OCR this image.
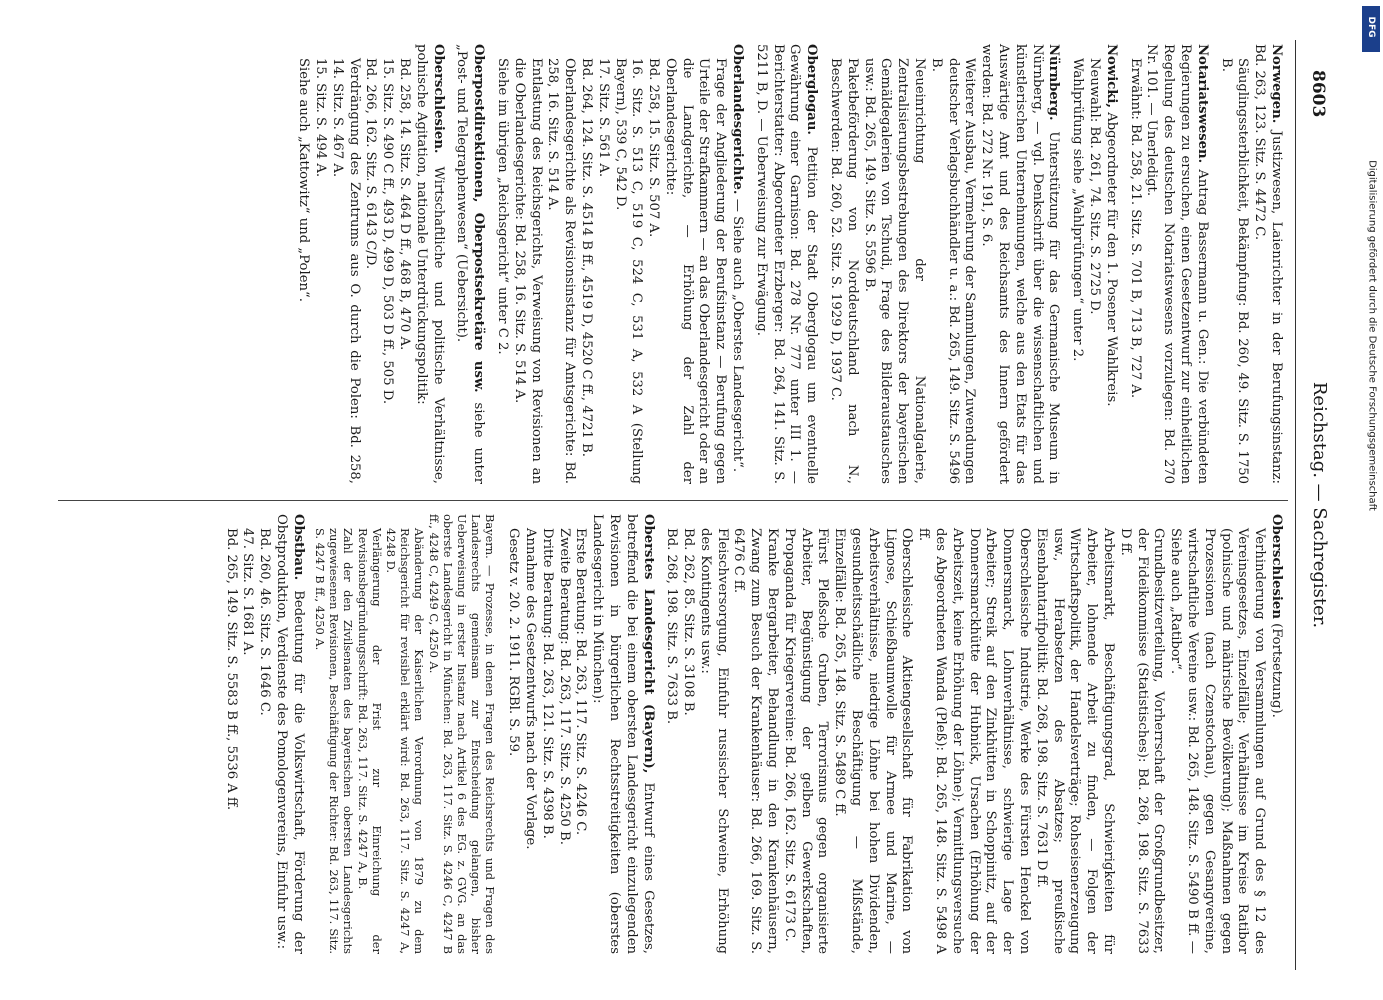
8603
Reichstag. — Sachregister.
Norwegen. Justizwesen, Laienrichter in der Berufungsinstanz: Bd. 263, 123. Sitz. S. 4472 C.
Säuglingssterblichkeit, Bekämpfung: Bd. 260, 49. Sitz. S. 1750 B.
Notariatswesen. Antrag Bassermann u. Gen.: Die verbündeten Regierungen zu ersuchen, einen Gesetzentwurf zur einheitlichen Regelung des deutschen Notariatswesens vorzulegen: Bd. 270 Nr. 101. — Unerledigt.
Erwähnt: Bd. 258, 21. Sitz. S. 701 B, 713 B, 727 A.
Nowicki, Abgeordneter für den 1. Posener Wahlkreis.
Neuwahl: Bd. 261, 74. Sitz. S. 2725 D.
Wahlprüfung siehe „Wahlprüfungen“ unter 2.
Nürnberg. Unterstützung für das Germanische Museum in Nürnberg, — vgl. Denkschrift über die wissenschaftlichen und künstlerischen Unternehmungen, welche aus den Etats für das Auswärtige Amt und des Reichsamts des Innern gefördert werden: Bd. 272 Nr. 191, S. 6.
Weiterer Ausbau, Vermehrung der Sammlungen, Zuwendungen deutscher Verlagsbuchhändler u. a.: Bd. 265, 149. Sitz. S. 5496 B.
Neueinrichtung der Nationalgalerie, Zentralisierungsbestrebungen des Direktors der bayerischen Gemäldegalerien von Tschudi, Frage des Bilderaustausches usw.: Bd. 265, 149. Sitz. S. 5596 B.
Paketbeförderung von Norddeutschland nach N., Beschwerden: Bd. 260, 52. Sitz. S. 1929 D, 1937 C.
Oberglogau. Petition der Stadt Oberglogau um eventuelle Gewährung einer Garnison: Bd. 278 Nr. 777 unter III 1. — Berichterstatter: Abgeordneter Erzberger: Bd. 264, 141. Sitz. S. 5211 B, D. — Ueberweisung zur Erwägung.
Oberlandesgerichte. — Siehe auch „Oberstes Landesgericht“.
Frage der Angliederung der Berufsinstanz — Berufung gegen Urteile der Strafkammern — an das Oberlandesgericht oder an die Landgerichte, — Erhöhung der Zahl der Oberlandesgerichte:
Bd. 258, 15. Sitz. S. 507 A.
16. Sitz. S. 513 C, 519 C, 524 C, 531 A, 532 A (Stellung Bayern), 539 C, 542 D.
17. Sitz. S. 561 A.
Bd. 264, 124. Sitz. S. 4514 B ff., 4519 D, 4520 C ff., 4721 B.
Oberlandesgerichte als Revisionsinstanz für Amtsgerichte: Bd. 258, 16. Sitz. S. 514 A.
Entlastung des Reichsgerichts, Verweisung von Revisionen an die Oberlandesgerichte: Bd. 258, 16. Sitz. S. 514 A.
Siehe im übrigen „Reichsgericht“ unter C 2.
Oberpostdirektionen, Oberpostsekretäre usw. siehe unter „Post- und Telegraphenwesen“ (Uebersicht).
Oberschlesien. Wirtschaftliche und politische Verhältnisse, polnische Agitation, nationale Unterdrückungspolitik:
Bd. 258, 14. Sitz. S. 464 D ff., 468 B, 470 A.
15. Sitz. S. 490 C ff., 493 D, 499 D, 503 D ff., 505 D.
Bd. 266, 162. Sitz. S. 6143 C/D.
Verdrängung des Zentrums aus O. durch die Polen: Bd. 258, 14. Sitz. S. 467 A.
15. Sitz. S. 494 A.
Siehe auch „Kattowitz“ und „Polen“.
Oberschlesien (Fortsetzung).
Verhinderung von Versammlungen auf Grund des § 12 des Vereinsgesetzes, Einzelfälle; Verhältnisse im Kreise Ratibor (polnische und mährische Bevölkerung); Maßnahmen gegen Prozessionen (nach Czenstochau), gegen Gesangvereine, wirtschaftliche Vereine usw.: Bd. 265, 148. Sitz. S. 5490 B ff. — Siehe auch „Ratibor“.
Grundbesitzverteilung, Vorherrschaft der Großgrundbesitzer, der Fideikommisse (Statistisches): Bd. 268, 198. Sitz. S. 7633 D ff.
Arbeitsmarkt, Beschäftigungsgrad, Schwierigkeiten für Arbeiter, lohnende Arbeit zu finden, — Folgen der Wirtschaftspolitik, der Handelsverträge; Rohseisenerzeugung usw., Herabsetzen des Absatzes; preußische Eisenbahntarifpolitik: Bd. 268, 198. Sitz. S. 7631 D ff.
Oberschlesische Industrie, Werke des Fürsten Henckel von Donnersmarck, Lohnverhältnisse, schwierige Lage der Arbeiter; Streik auf den Zinkhütten in Schoppinitz, auf der Donnersmarckhütte der Hubnick, Ursachen (Erhöhung der Arbeitszeit, keine Erhöhung der Löhne); Vermittlungsversuche des Abgeordneten Wanda (Pleß): Bd. 265, 148. Sitz. S. 5498 A ff.
Oberschlesische Aktiengesellschaft für Fabrikation von Lignose, Schießbaumwolle für Armee und Marine, — Arbeitsverhältnisse, niedrige Löhne bei hohen Dividenden, gesundheitsschädliche Beschäftigung — Mißstände, Einzelfälle: Bd. 265, 148. Sitz. S. 5489 C ff.
Fürst Pleßsche Gruben, Terrorismus gegen organisierte Arbeiter, Begünstigung der gelben Gewerkschaften, Propaganda für Kriegervereine: Bd. 266, 162. Sitz. S. 6173 C.
Kranke Bergarbeiter, Behandlung in den Krankenhäusern, Zwang zum Besuch der Krankenhäuser: Bd. 266, 169. Sitz. S. 6476 C ff.
Fleischversorgung, Einfuhr russischer Schweine, Erhöhung des Kontingents usw.:
Bd. 262, 85. Sitz. S. 3108 B.
Bd. 268, 198. Sitz. S. 7633 B.
Oberstes Landesgericht (Bayern), Entwurf eines Gesetzes, betreffend die bei einem obersten Landesgericht einzulegenden Revisionen in bürgerlichen Rechtsstreitigkeiten (oberstes Landesgericht in München):
Erste Beratung: Bd. 263, 117. Sitz. S. 4246 C.
Zweite Beratung: Bd. 263, 117. Sitz. S. 4250 B.
Dritte Beratung: Bd. 263, 121. Sitz. S. 4398 B.
Annahme des Gesetzentwurfs nach der Vorlage.
Gesetz v. 20. 2. 1911. RGBl. S. 59.
Bayern. — Prozesse, in denen Fragen des Reichsrechts und Fragen des Landesrechts gemeinsam zur Entscheidung gelangen, bisher Ueberweisung in erster Instanz nach Artikel 6 des EG. z. GVG. an das oberste Landesgericht in München: Bd. 263, 117. Sitz. S. 4246 C, 4247 B ff., 4248 C, 4249 C, 4250 A.
Abänderung der Kaiserlichen Verordnung von 1879 zu dem Reichsgericht für revisibel erklärt wird: Bd. 263, 117. Sitz. S. 4247 A, 4248 D.
Verlängerung der Frist zur Einreichung der Revisionsbegründungsschrift: Bd. 263, 117. Sitz. S. 4247 A, B.
Zahl der den Zivilsenaten des bayerischen obersten Landesgerichts zugewiesenen Revisionen, Beschäftigung der Richter: Bd. 263, 117. Sitz. S. 4247 B ff., 4250 A.
Obstbau. Bedeutung für die Volkswirtschaft, Förderung der Obstproduktion, Verdienste des Pomologenvereins, Einfuhr usw.:
Bd. 260, 46. Sitz. S. 1646 C.
47. Sitz. S. 1681 A.
Bd. 265, 149. Sitz. S. 5583 B ff., 5536 A ff.
DFG
Digitalisierung gefördert durch die Deutsche Forschungsgemeinschaft
